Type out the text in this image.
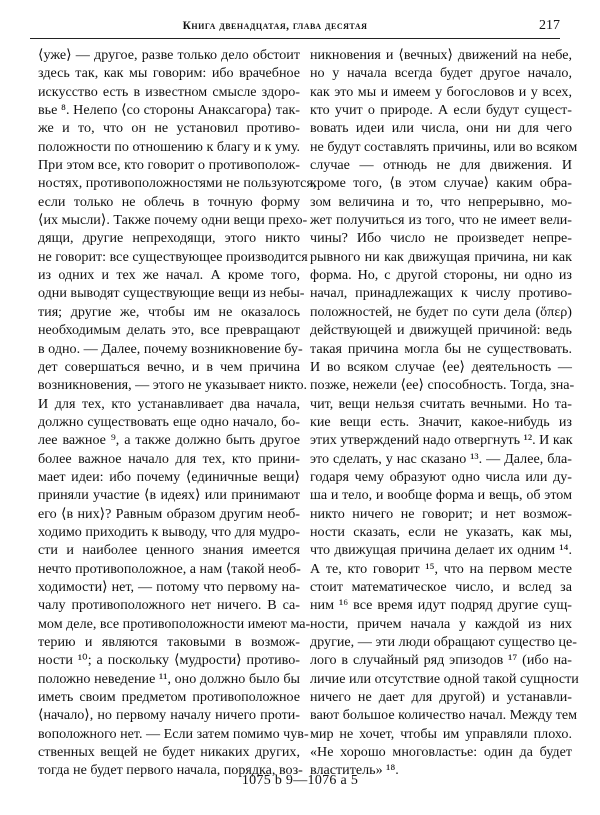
Книга двенадцатая, глава десятая	217
⟨уже⟩ — другое, разве только дело обстоит
здесь так, как мы говорим: ибо врачебное
искусство есть в известном смысле здоро-
вье ⁸. Нелепо ⟨со стороны Анаксагора⟩ так-
же и то, что он не установил противо-
положности по отношению к благу и к уму.
При этом все, кто говорит о противополож-
ностях, противоположностями не пользуются,
если только не облечь в точную форму
⟨их мысли⟩. Также почему одни вещи прехо-
дящи, другие непреходящи, этого никто
не говорит: все существующее производится
из одних и тех же начал. А кроме того,
одни выводят существующие вещи из небы-
тия; другие же, чтобы им не оказалось
необходимым делать это, все превращают
в одно. — Далее, почему возникновение бу-
дет совершаться вечно, и в чем причина
возникновения, — этого не указывает никто.
И для тех, кто устанавливает два начала,
должно существовать еще одно начало, бо-
лее важное ⁹, а также должно быть другое
более важное начало для тех, кто прини-
мает идеи: ибо почему ⟨единичные вещи⟩
приняли участие ⟨в идеях⟩ или принимают
его ⟨в них⟩? Равным образом другим необ-
ходимо приходить к выводу, что для мудро-
сти и наиболее ценного знания имеется
нечто противоположное, а нам ⟨такой необ-
ходимости⟩ нет, — потому что первому на-
чалу противоположного нет ничего. В са-
мом деле, все противоположности имеют ма-
терию и являются таковыми в возмож-
ности ¹⁰; а поскольку ⟨мудрости⟩ противо-
положно неведение ¹¹, оно должно было бы
иметь своим предметом противоположное
⟨начало⟩, но первому началу ничего проти-
воположного нет. — Если затем помимо чув-
ственных вещей не будет никаких других,
тогда не будет первого начала, порядка, воз-
никновения и ⟨вечных⟩ движений на небе,
но у начала всегда будет другое начало,
как это мы и имеем у богословов и у всех,
кто учит о природе. А если будут сущест-
вовать идеи или числа, они ни для чего
не будут составлять причины, или во всяком
случае — отнюдь не для движения. И
кроме того, ⟨в этом случае⟩ каким обра-
зом величина и то, что непрерывно, мо-
жет получиться из того, что не имеет вели-
чины? Ибо число не произведет непре-
рывного ни как движущая причина, ни как
форма. Но, с другой стороны, ни одно из
начал, принадлежащих к числу противо-
положностей, не будет по сути дела (ὅπερ)
действующей и движущей причиной: ведь
такая причина могла бы не существовать.
И во всяком случае ⟨ее⟩ деятельность —
позже, нежели ⟨ее⟩ способность. Тогда, зна-
чит, вещи нельзя считать вечными. Но та-
кие вещи есть. Значит, какое-нибудь из
этих утверждений надо отвергнуть ¹². И как
это сделать, у нас сказано ¹³. — Далее, бла-
годаря чему образуют одно числа или ду-
ша и тело, и вообще форма и вещь, об этом
никто ничего не говорит; и нет возмож-
ности сказать, если не указать, как мы,
что движущая причина делает их одним ¹⁴.
А те, кто говорит ¹⁵, что на первом месте
стоит математическое число, и вслед за
ним ¹⁶ все время идут подряд другие сущ-
ности, причем начала у каждой из них
другие, — эти люди обращают существо це-
лого в случайный ряд эпизодов ¹⁷ (ибо на-
личие или отсутствие одной такой сущности
ничего не дает для другой) и устанавли-
вают большое количество начал. Между тем
мир не хочет, чтобы им управляли плохо.
«Не хорошо многовластье: один да будет
властитель» ¹⁸.
1075 b 9—1076 a 5
